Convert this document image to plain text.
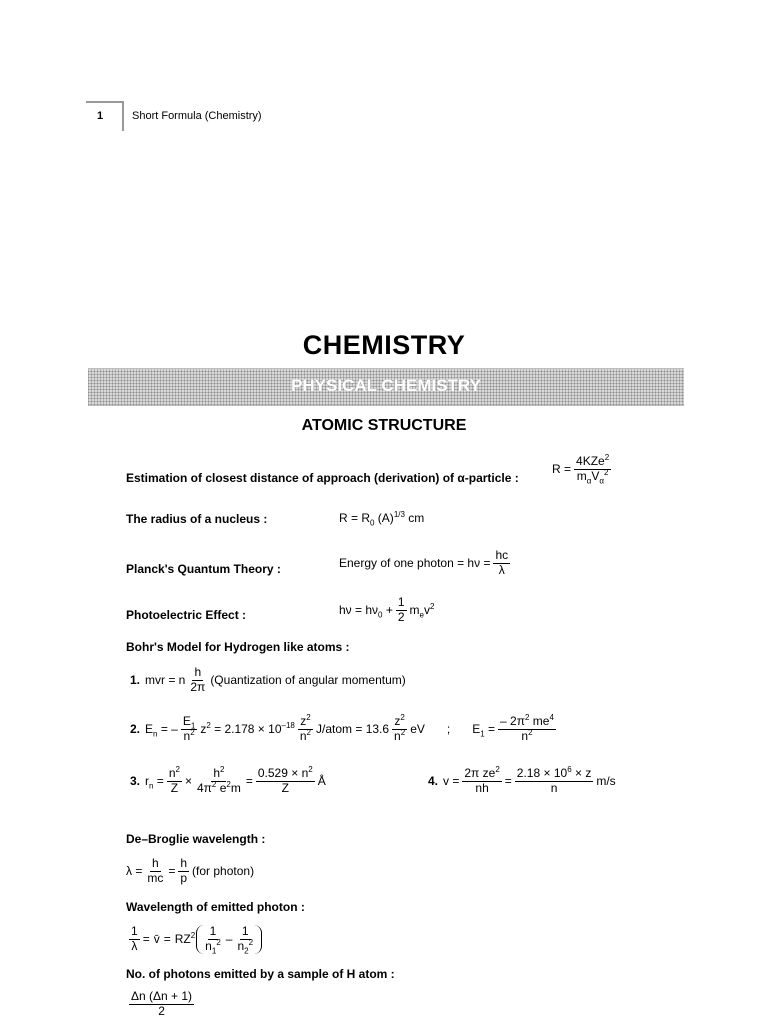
1	Short Formula (Chemistry)
CHEMISTRY
PHYSICAL CHEMISTRY
ATOMIC STRUCTURE
Estimation of closest distance of approach (derivation) of α-particle :
$R = \frac{4KZe^2}{m_\alpha V_\alpha^2}$
The radius of a nucleus :	$R = R_0$ $(A)^{1/3}$ cm
Planck's Quantum Theory :	Energy of one photon = $h\nu = \frac{hc}{\lambda}$
Photoelectric Effect :	$h\nu = h\nu_0 + \frac{1}{2} m_ev^2$
Bohr's Model for Hydrogen like atoms :
1. mvr = n $\frac{h}{2\pi}$ (Quantization of angular momentum)
2. $E_n$ = – $\frac{E_1}{n^2} z^2 = 2.178 \times 10^{-18} \frac{z^2}{n^2}$ J/atom = $13.6 \frac{z^2}{n^2}$ eV ; $E_1 = \frac{- 2\pi^2 me^4}{n^2}$
3. $r_n = \frac{n^2}{Z} \times \frac{h^2}{4\pi^2 e^2m} = \frac{0.529 \times n^2}{Z}$ Å	4. $v = \frac{2\pi ze^2}{nh} = \frac{2.18 \times 10^6 \times z}{n} m/s$
De–Broglie wavelength :
$\lambda = \frac{h}{mc} = \frac{h}{p} (for$ photon)
Wavelength of emitted photon :
$\frac{1}{\lambda}$ = v̄ = $RZ^2 \frac{1}{n_1^2} - \frac{1}{n_2^2}$
No. of photons emitted by a sample of H atom :
$\frac{\Delta n (\Delta n + 1)}{2}$
